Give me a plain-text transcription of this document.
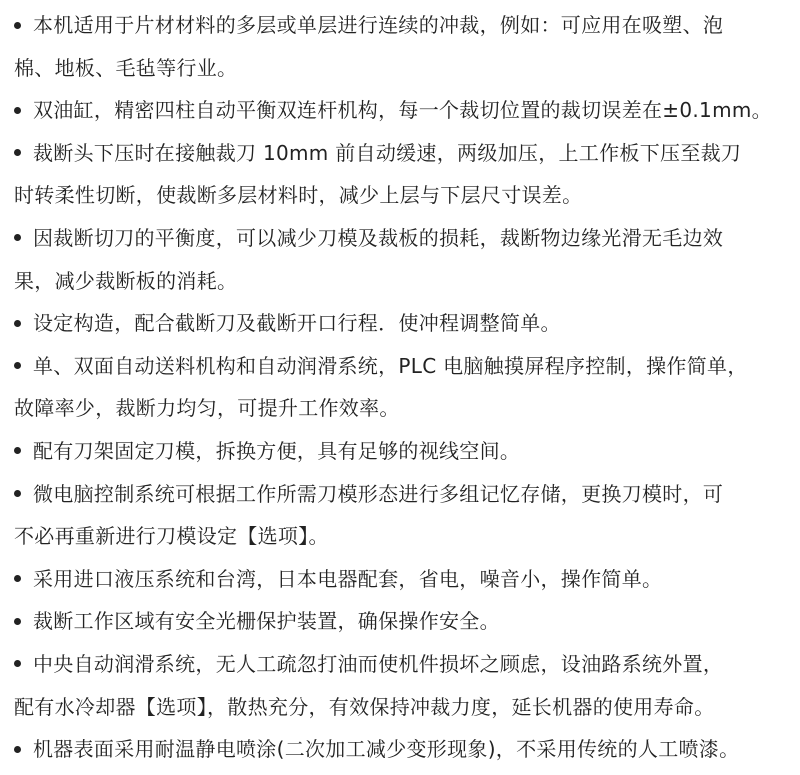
本机适用于片材材料的多层或单层进行连续的冲裁，例如：可应用在吸塑、泡
棉、地板、毛毡等行业。
双油缸，精密四柱自动平衡双连杆机构，每一个裁切位置的裁切误差在±0.1mm。
裁断头下压时在接触裁刀 10mm 前自动缓速，两级加压，上工作板下压至裁刀
时转柔性切断，使裁断多层材料时，减少上层与下层尺寸误差。
因裁断切刀的平衡度，可以减少刀模及裁板的损耗，裁断物边缘光滑无毛边效
果，减少裁断板的消耗。
设定构造，配合截断刀及截断开口行程．使冲程调整简单。
单、双面自动送料机构和自动润滑系统，PLC 电脑触摸屏程序控制，操作简单，
故障率少，裁断力均匀，可提升工作效率。
配有刀架固定刀模，拆换方便，具有足够的视线空间。
微电脑控制系统可根据工作所需刀模形态进行多组记忆存储，更换刀模时，可
不必再重新进行刀模设定【选项】。
采用进口液压系统和台湾，日本电器配套，省电，噪音小，操作简单。
裁断工作区域有安全光栅保护装置，确保操作安全。
中央自动润滑系统，无人工疏忽打油而使机件损坏之顾虑，设油路系统外置，
配有水冷却器【选项】，散热充分，有效保持冲裁力度，延长机器的使用寿命。
机器表面采用耐温静电喷涂(二次加工减少变形现象)，不采用传统的人工喷漆。
